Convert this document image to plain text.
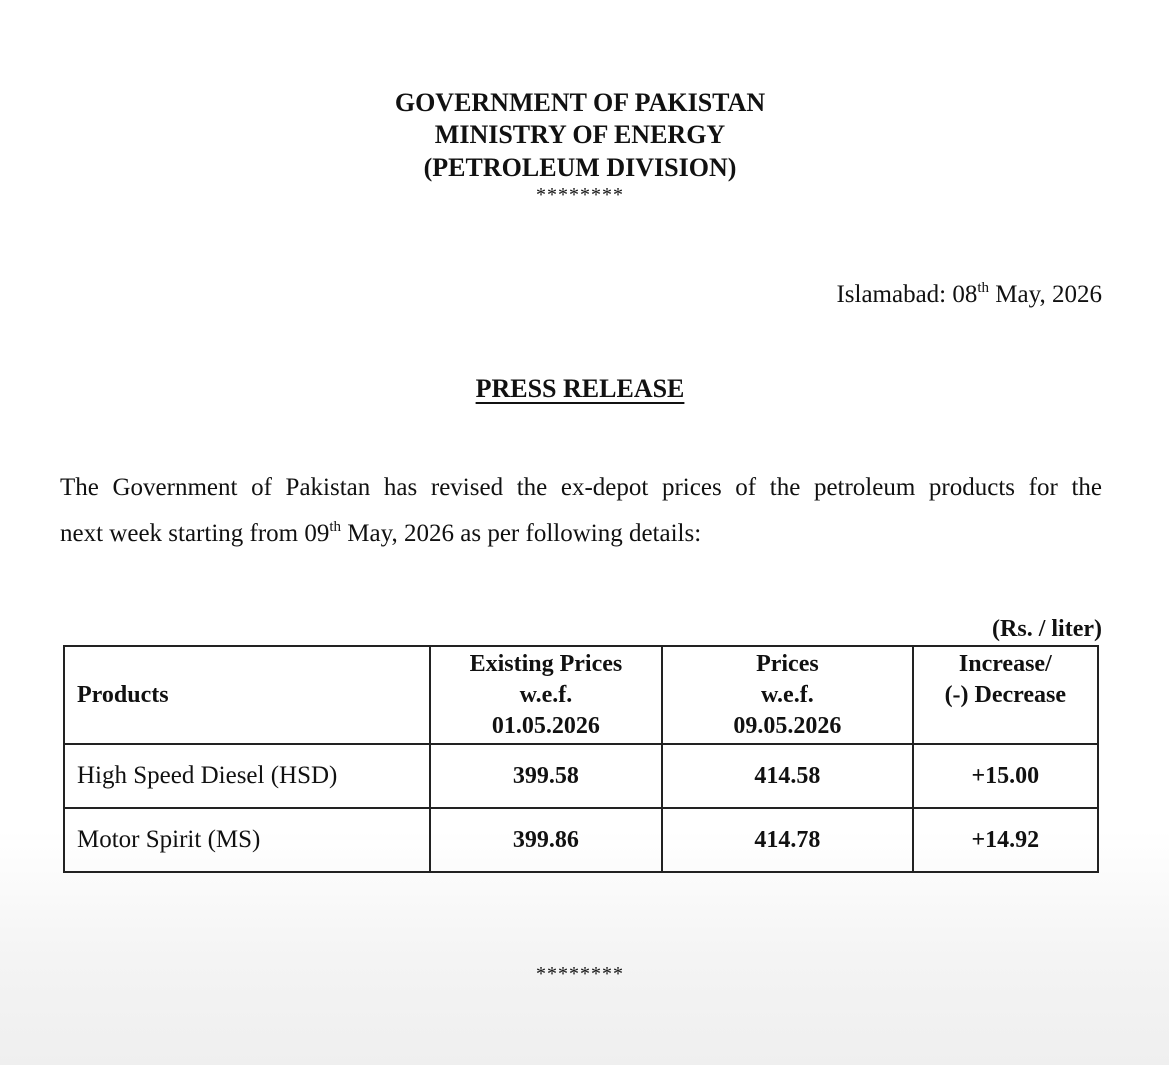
GOVERNMENT OF PAKISTAN
MINISTRY OF ENERGY
(PETROLEUM DIVISION)
********
Islamabad: 08th May, 2026
PRESS RELEASE
The Government of Pakistan has revised the ex-depot prices of the petroleum products for the
next week starting from 09th May, 2026 as per following details:
(Rs. / liter)
Products	Existing Prices
w.e.f.
01.05.2026	Prices
w.e.f.
09.05.2026	Increase/
(-) Decrease

High Speed Diesel (HSD)	399.58	414.58	+15.00
Motor Spirit (MS)	399.86	414.78	+14.92
********
